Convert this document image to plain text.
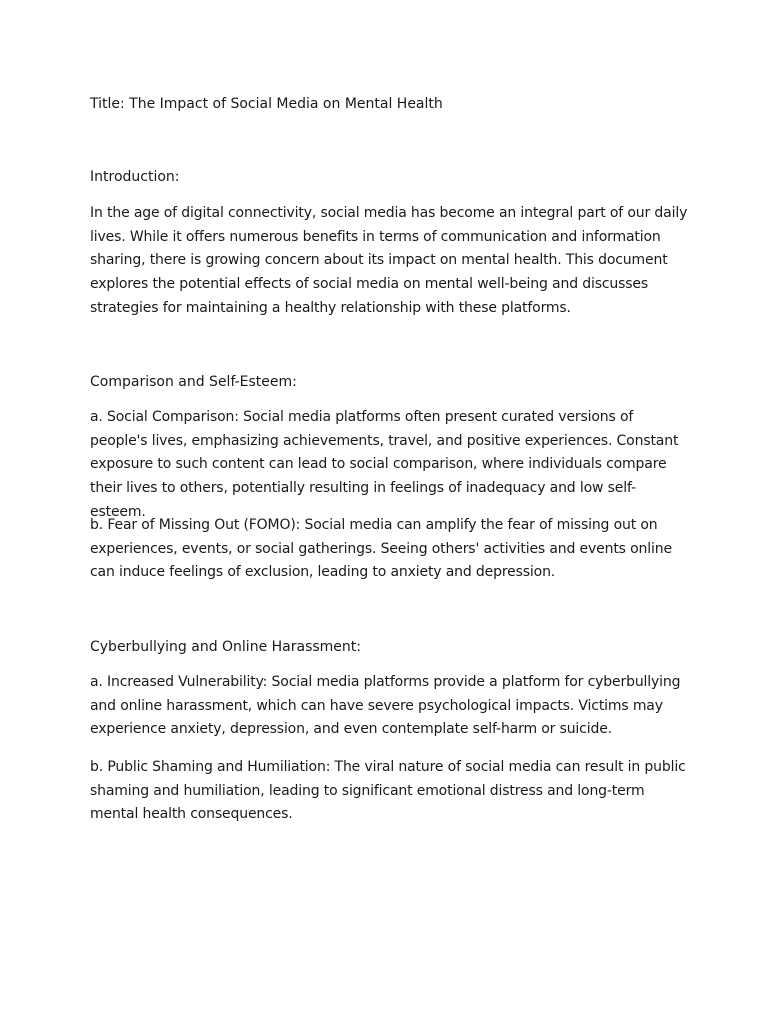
Title: The Impact of Social Media on Mental Health

Introduction:

In the age of digital connectivity, social media has become an integral part of our daily lives. While it offers numerous benefits in terms of communication and information sharing, there is growing concern about its impact on mental health. This document explores the potential effects of social media on mental well-being and discusses strategies for maintaining a healthy relationship with these platforms.

Comparison and Self-Esteem:

a. Social Comparison: Social media platforms often present curated versions of people's lives, emphasizing achievements, travel, and positive experiences. Constant exposure to such content can lead to social comparison, where individuals compare their lives to others, potentially resulting in feelings of inadequacy and low self-esteem.

b. Fear of Missing Out (FOMO): Social media can amplify the fear of missing out on experiences, events, or social gatherings. Seeing others' activities and events online can induce feelings of exclusion, leading to anxiety and depression.

Cyberbullying and Online Harassment:

a. Increased Vulnerability: Social media platforms provide a platform for cyberbullying and online harassment, which can have severe psychological impacts. Victims may experience anxiety, depression, and even contemplate self-harm or suicide.

b. Public Shaming and Humiliation: The viral nature of social media can result in public shaming and humiliation, leading to significant emotional distress and long-term mental health consequences.
